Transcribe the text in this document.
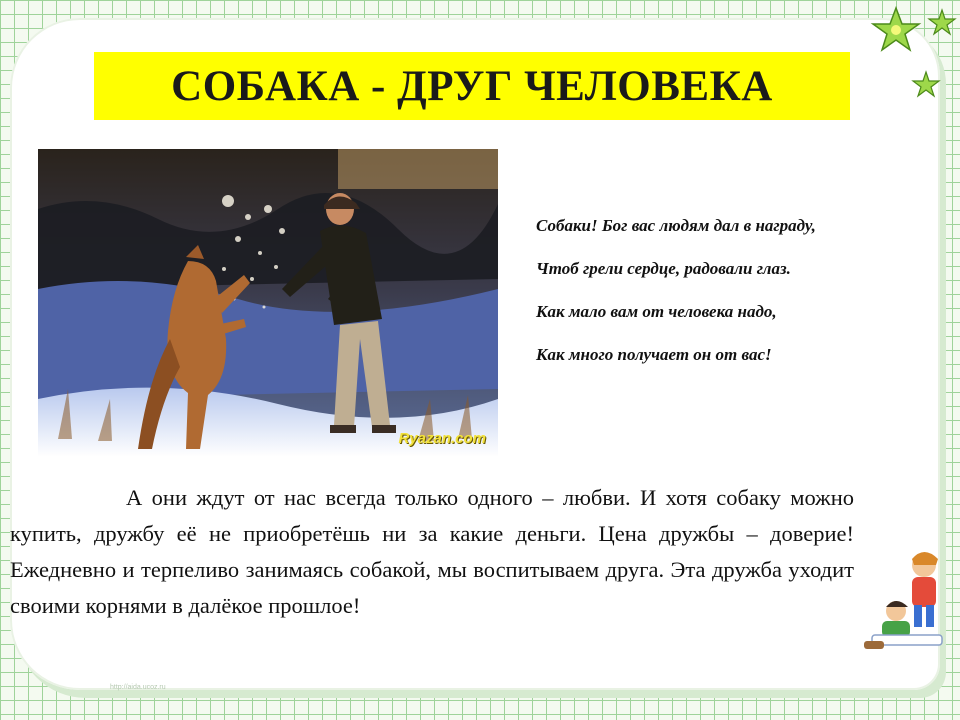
СОБАКА - ДРУГ ЧЕЛОВЕКА
Ryazan.com
Собаки! Бог вас людям дал в награду,
Чтоб грели сердце, радовали глаз.
Как мало вам от человека надо,
Как много получает он от вас!
А они ждут от нас всегда только одного – любви. И хотя собаку можно купить, дружбу её не приобретёшь ни за какие деньги. Цена дружбы – доверие! Ежедневно и терпеливо занимаясь собакой, мы воспитываем друга. Эта дружба уходит своими корнями в далёкое прошлое!
http://aida.ucoz.ru
